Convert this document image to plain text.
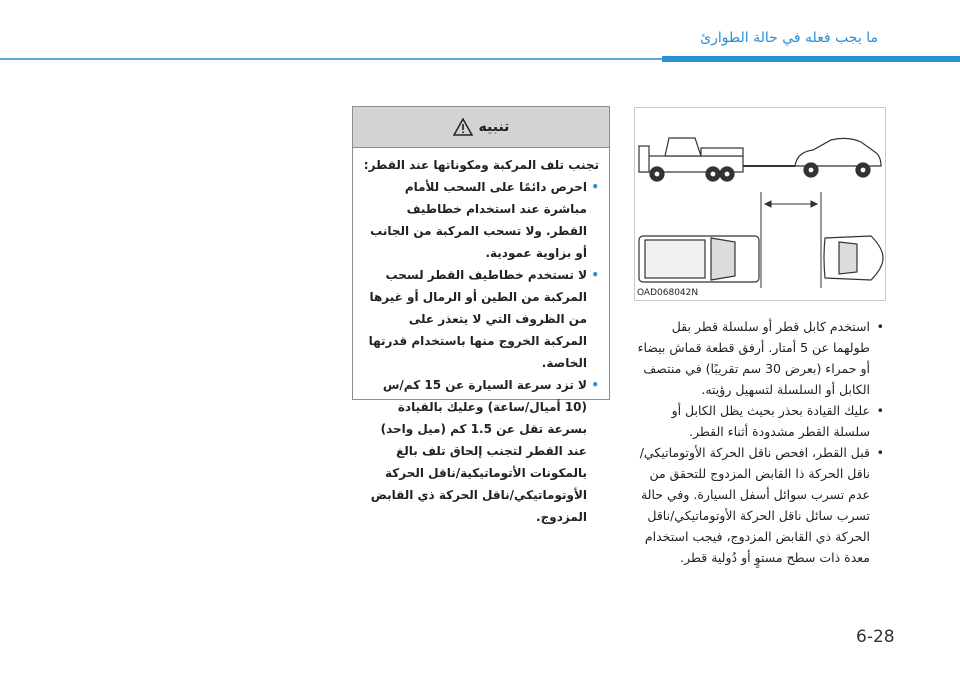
ما يجب فعله في حالة الطوارئ
OAD068042N
•
استخدم كابل قطر أو سلسلة قطر بقل طولهما عن 5 أمتار. أرفق قطعة قماش بيضاء أو حمراء (بعرض 30 سم تقريبًا) في منتصف الكابل أو السلسلة لتسهيل رؤيته.
•
عليك القيادة بحذر بحيث يظل الكابل أو سلسلة القطر مشدودة أثناء القطر.
•
قبل القطر، افحص ناقل الحركة الأوتوماتيكي/ ناقل الحركة ذا القابض المزدوج للتحقق من عدم تسرب سوائل أسفل السيارة. وفي حالة تسرب سائل ناقل الحركة الأوتوماتيكي/ناقل الحركة ذي القابض المزدوج، فيجب استخدام معدة ذات سطح مستوٍ أو دُولية قطر.
تنبيه
تجنب تلف المركبة ومكوناتها عند القطر:
•
احرص دائمًا على السحب للأمام مباشرة عند استخدام خطاطيف القطر. ولا تسحب المركبة من الجانب أو بزاوية عمودية.
•
لا تستخدم خطاطيف القطر لسحب المركبة من الطين أو الرمال أو غيرها من الظروف التي لا يتعذر على المركبة الخروج منها باستخدام قدرتها الخاصة.
•
لا تزد سرعة السيارة عن 15 كم/س (10 أميال/ساعة) وعليك بالقيادة بسرعة تقل عن 1.5 كم (ميل واحد) عند القطر لتجنب إلحاق تلف بالغ بالمكونات الأتوماتيكية/ناقل الحركة الأوتوماتيكي/ناقل الحركة ذي القابض المزدوج.
6-28
